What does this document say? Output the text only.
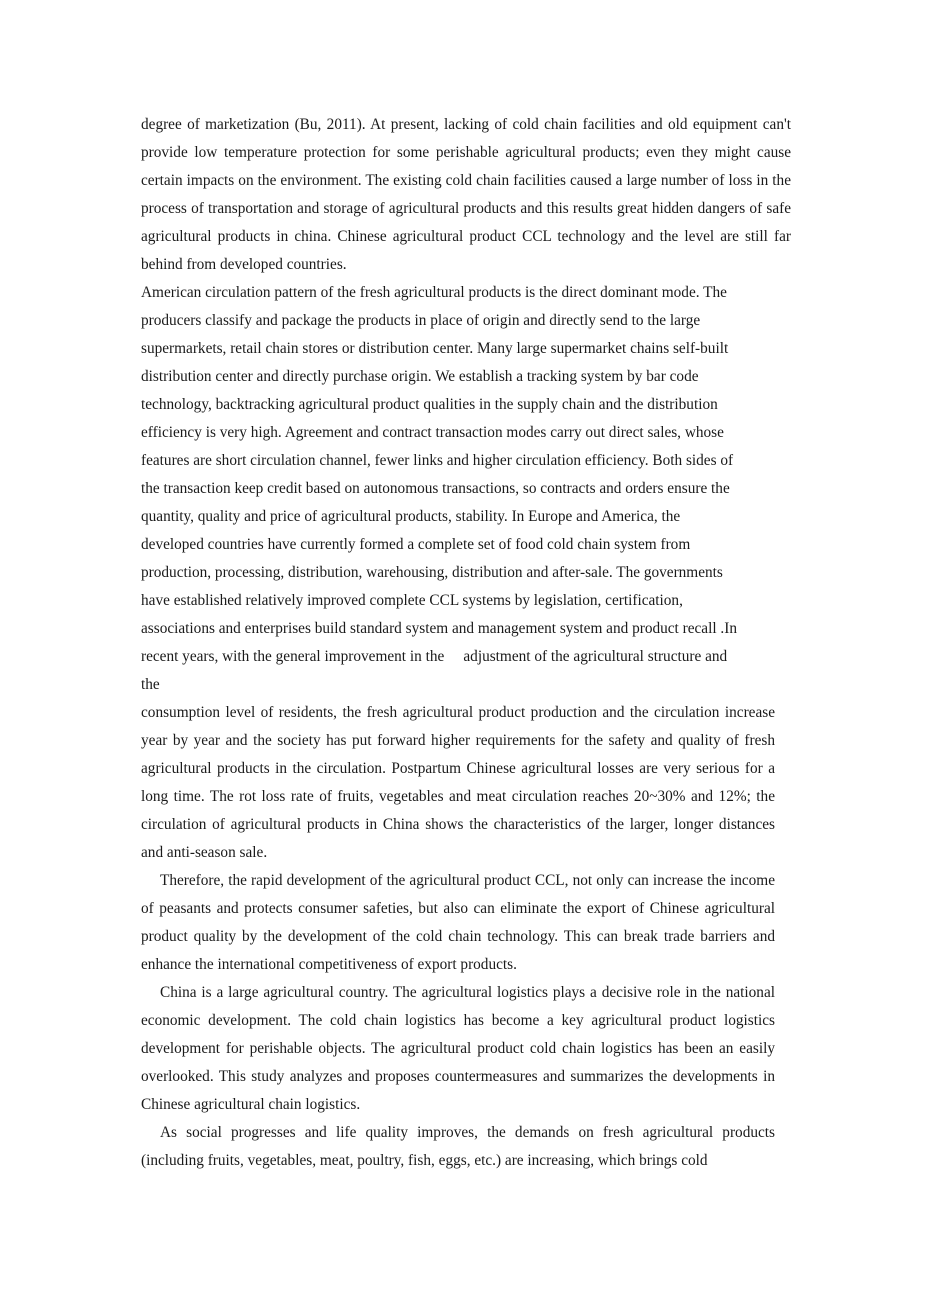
degree of marketization (Bu, 2011). At present, lacking of cold chain facilities and old equipment can't provide low temperature protection for some perishable agricultural products; even they might cause certain impacts on the environment. The existing cold chain facilities caused a large number of loss in the process of transportation and storage of agricultural products and this results great hidden dangers of safe agricultural products in china. Chinese agricultural product CCL technology and the level are still far behind from developed countries.

American circulation pattern of the fresh agricultural products is the direct dominant mode. The
producers classify and package the products in place of origin and directly send to the large
supermarkets, retail chain stores or distribution center. Many large supermarket chains self-built
distribution center and directly purchase origin. We establish a tracking system by bar code
technology, backtracking agricultural product qualities in the supply chain and the distribution
efficiency is very high. Agreement and contract transaction modes carry out direct sales, whose
features are short circulation channel, fewer links and higher circulation efficiency. Both sides of
the transaction keep credit based on autonomous transactions, so contracts and orders ensure the
quantity, quality and price of agricultural products, stability. In Europe and America, the
developed countries have currently formed a complete set of food cold chain system from
production, processing, distribution, warehousing, distribution and after-sale. The governments
have established relatively improved complete CCL systems by legislation, certification,
associations and enterprises build standard system and management system and product recall .In
recent years, with the general improvement in the     adjustment of the agricultural structure and
the

consumption level of residents, the fresh agricultural product production and the circulation increase year by year and the society has put forward higher requirements for the safety and quality of fresh agricultural products in the circulation. Postpartum Chinese agricultural losses are very serious for a long time. The rot loss rate of fruits, vegetables and meat circulation reaches 20~30% and 12%; the circulation of agricultural products in China shows the characteristics of the larger, longer distances and anti-season sale.

Therefore, the rapid development of the agricultural product CCL, not only can increase the income of peasants and protects consumer safeties, but also can eliminate the export of Chinese agricultural product quality by the development of the cold chain technology. This can break trade barriers and enhance the international competitiveness of export products.

China is a large agricultural country. The agricultural logistics plays a decisive role in the national economic development. The cold chain logistics has become a key agricultural product logistics development for perishable objects. The agricultural product cold chain logistics has been an easily overlooked. This study analyzes and proposes countermeasures and summarizes the developments in Chinese agricultural chain logistics.

As social progresses and life quality improves, the demands on fresh agricultural products (including fruits, vegetables, meat, poultry, fish, eggs, etc.) are increasing, which brings cold
